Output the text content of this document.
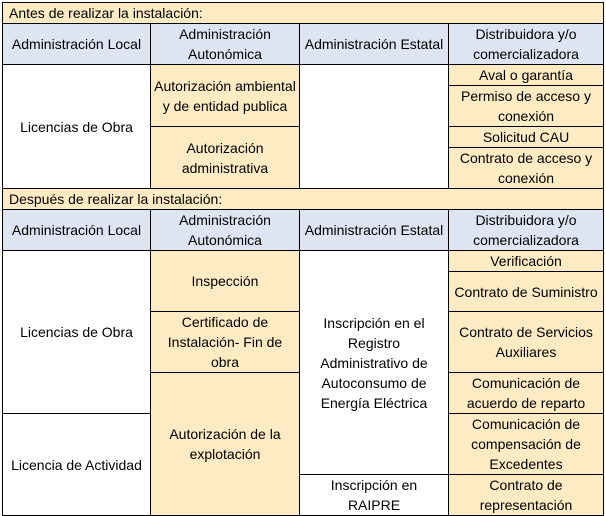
Antes de realizar la instalación:			
Administración Local	Administración Autonómica	Administración Estatal	Distribuidora y/o comercializadora
Licencias de Obra	Autorización ambiental y de entidad publica		Aval o garantía
			Permiso de acceso y conexión
	Autorización administrativa		Solicitud CAU
			Contrato de acceso y conexión
Después de realizar la instalación:			
Administración Local	Administración Autonómica	Administración Estatal	Distribuidora y/o comercializadora
Licencias de Obra	Inspección	Inscripción en el Registro Administrativo de Autoconsumo de Energía Eléctrica	Verificación
			Contrato de Suministro
	Certificado de Instalación- Fin de obra		Contrato de Servicios Auxiliares
	Autorización de la explotación		Comunicación de acuerdo de reparto
Licencia de Actividad			Comunicación de compensación de Excedentes

		Inscripción en RAIPRE	Contrato de representación
